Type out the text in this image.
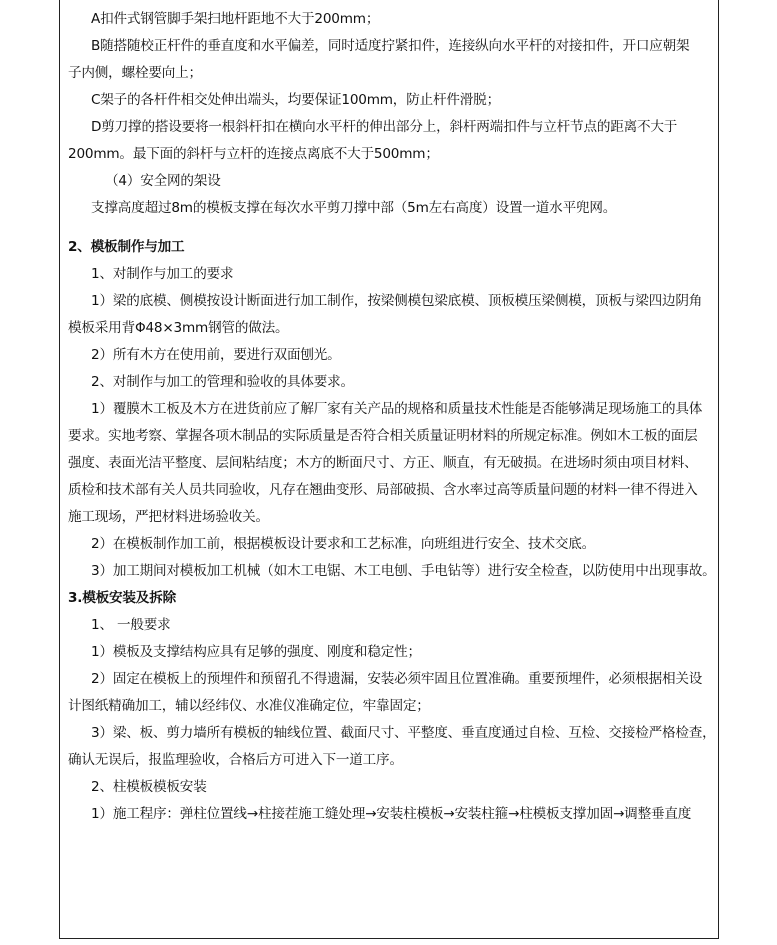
A扣件式钢管脚手架扫地杆距地不大于200mm；
B随搭随校正杆件的垂直度和水平偏差，同时适度拧紧扣件，连接纵向水平杆的对接扣件，开口应朝架
子内侧，螺栓要向上；
C架子的各杆件相交处伸出端头，均要保证100mm，防止杆件滑脱；
D剪刀撑的搭设要将一根斜杆扣在横向水平杆的伸出部分上，斜杆两端扣件与立杆节点的距离不大于
200mm。最下面的斜杆与立杆的连接点离底不大于500mm；
（4）安全网的架设
支撑高度超过8m的模板支撑在每次水平剪刀撑中部（5m左右高度）设置一道水平兜网。
2、模板制作与加工
1、对制作与加工的要求
1）梁的底模、侧模按设计断面进行加工制作，按梁侧模包梁底模、顶板模压梁侧模，顶板与梁四边阴角
模板采用背Φ48×3mm钢管的做法。
2）所有木方在使用前，要进行双面刨光。
2、对制作与加工的管理和验收的具体要求。
1）覆膜木工板及木方在进货前应了解厂家有关产品的规格和质量技术性能是否能够满足现场施工的具体
要求。实地考察、掌握各项木制品的实际质量是否符合相关质量证明材料的所规定标准。例如木工板的面层
强度、表面光洁平整度、层间粘结度；木方的断面尺寸、方正、顺直，有无破损。在进场时须由项目材料、
质检和技术部有关人员共同验收，凡存在翘曲变形、局部破损、含水率过高等质量问题的材料一律不得进入
施工现场，严把材料进场验收关。
2）在模板制作加工前，根据模板设计要求和工艺标准，向班组进行安全、技术交底。
3）加工期间对模板加工机械（如木工电锯、木工电刨、手电钻等）进行安全检查，以防使用中出现事故。
3.模板安装及拆除
1、 一般要求
1）模板及支撑结构应具有足够的强度、刚度和稳定性；
2）固定在模板上的预埋件和预留孔不得遗漏，安装必须牢固且位置准确。重要预埋件，必须根据相关设
计图纸精确加工，辅以经纬仪、水准仪准确定位，牢靠固定；
3）梁、板、剪力墙所有模板的轴线位置、截面尺寸、平整度、垂直度通过自检、互检、交接检严格检查，
确认无误后，报监理验收，合格后方可进入下一道工序。
2、柱模板模板安装
1）施工程序：弹柱位置线→柱接茬施工缝处理→安装柱模板→安装柱箍→柱模板支撑加固→调整垂直度
